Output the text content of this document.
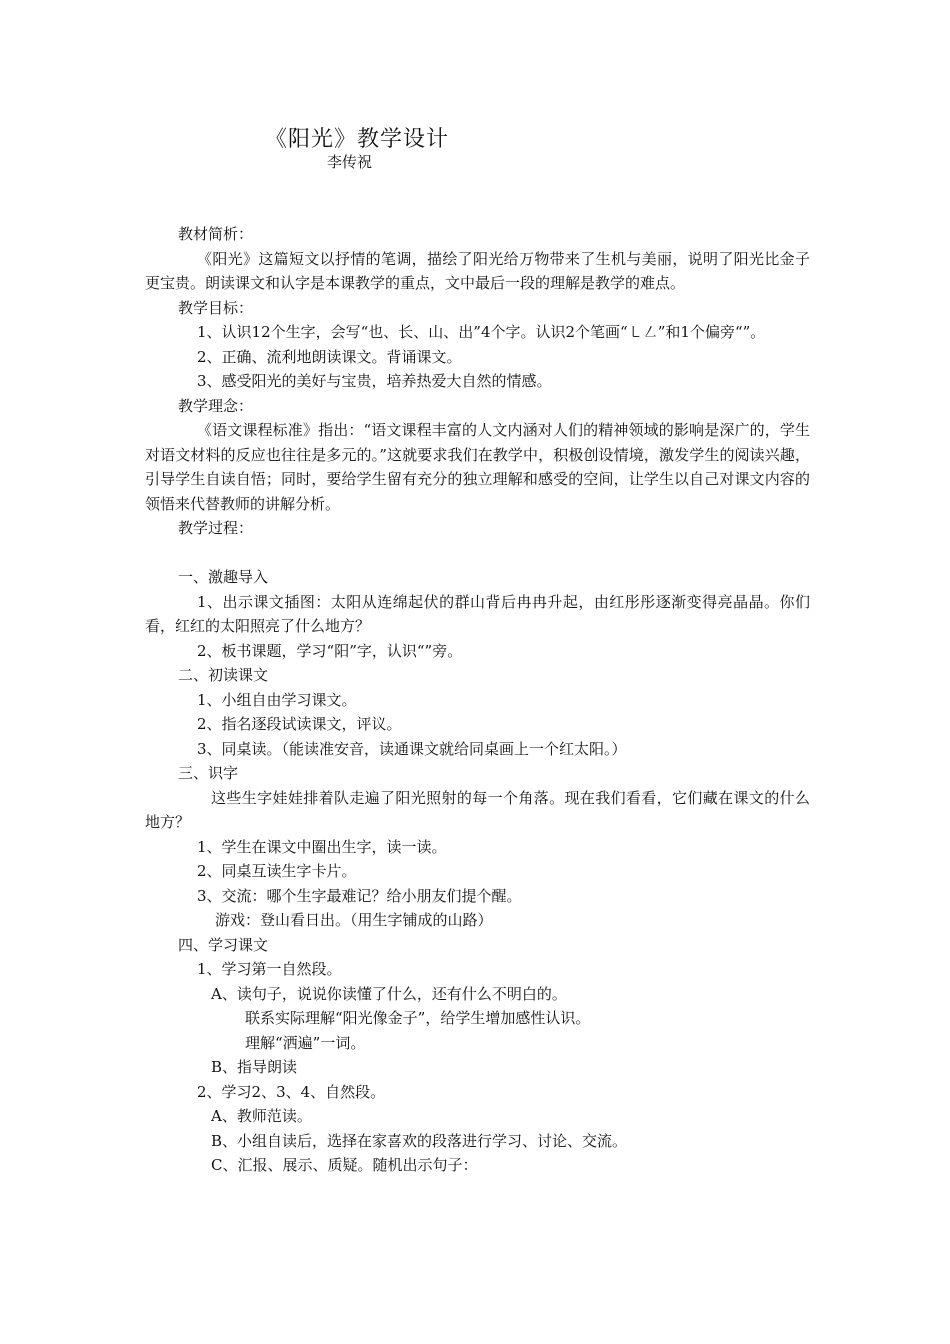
《阳光》教学设计
李传祝

教材简析：

《阳光》这篇短文以抒情的笔调，描绘了阳光给万物带来了生机与美丽，说明了阳光比金子更宝贵。朗读课文和认字是本课教学的重点，文中最后一段的理解是教学的难点。

教学目标：

1、认识12个生字，会写“也、长、山、出”4个字。认识2个笔画“㇄㇜”和1个偏旁“”。

2、正确、流利地朗读课文。背诵课文。

3、感受阳光的美好与宝贵，培养热爱大自然的情感。

教学理念：

《语文课程标准》指出：“语文课程丰富的人文内涵对人们的精神领域的影响是深广的，学生对语文材料的反应也往往是多元的。”这就要求我们在教学中，积极创设情境，激发学生的阅读兴趣，引导学生自读自悟；同时，要给学生留有充分的独立理解和感受的空间，让学生以自己对课文内容的领悟来代替教师的讲解分析。

教学过程：

一、激趣导入

1、出示课文插图：太阳从连绵起伏的群山背后冉冉升起，由红彤彤逐渐变得亮晶晶。你们看，红红的太阳照亮了什么地方？

2、板书课题，学习“阳”字，认识“”旁。

二、初读课文

1、小组自由学习课文。

2、指名逐段试读课文，评议。

3、同桌读。（能读准安音，读通课文就给同桌画上一个红太阳。）

三、识字

这些生字娃娃排着队走遍了阳光照射的每一个角落。现在我们看看，它们藏在课文的什么地方？

1、学生在课文中圈出生字，读一读。

2、同桌互读生字卡片。

3、交流：哪个生字最难记？给小朋友们提个醒。

游戏：登山看日出。（用生字铺成的山路）

四、学习课文

1、学习第一自然段。

A、读句子，说说你读懂了什么，还有什么不明白的。

联系实际理解“阳光像金子”，给学生增加感性认识。

理解“洒遍”一词。

B、指导朗读

2、学习2、3、4、自然段。

A、教师范读。

B、小组自读后，选择在家喜欢的段落进行学习、讨论、交流。

C、汇报、展示、质疑。随机出示句子：
